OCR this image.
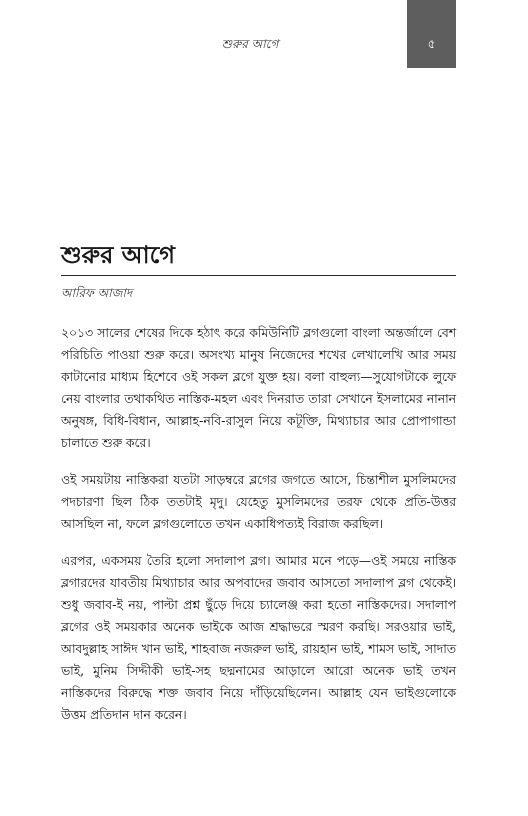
শুরুর আগে	৫
শুরুর আগে
আরিফ আজাদ

২০১৩ সালের শেষের দিকে হঠাৎ করে কমিউনিটি ব্লগগুলো বাংলা অন্তর্জালে বেশ পরিচিতি পাওয়া শুরু করে। অসংখ্য মানুষ নিজেদের শখের লেখালেখি আর সময় কাটানোর মাধ্যম হিশেবে ওই সকল ব্লগে যুক্ত হয়। বলা বাহুল্য—সুযোগটাকে লুফে নেয় বাংলার তথাকথিত নাস্তিক-মহল এবং দিনরাত তারা সেখানে ইসলামের নানান অনুষঙ্গ, বিধি-বিধান, আল্লাহ-নবি-রাসুল নিয়ে কটূক্তি, মিথ্যাচার আর প্রোপাগান্ডা চালাতে শুরু করে।

ওই সময়টায় নাস্তিকরা যতটা সাড়ম্বরে ব্লগের জগতে আসে, চিন্তাশীল মুসলিমদের পদচারণা ছিল ঠিক ততটাই মৃদু। যেহেতু মুসলিমদের তরফ থেকে প্রতি-উত্তর আসছিল না, ফলে ব্লগগুলোতে তখন একাধিপত্যই বিরাজ করছিল।

এরপর, একসময় তৈরি হলো সদালাপ ব্লগ। আমার মনে পড়ে—ওই সময়ে নাস্তিক ব্লগারদের যাবতীয় মিথ্যাচার আর অপবাদের জবাব আসতো সদালাপ ব্লগ থেকেই। শুধু জবাব-ই নয়, পাল্টা প্রশ্ন ছুঁড়ে দিয়ে চ্যালেঞ্জ করা হতো নাস্তিকদের। সদালাপ ব্লগের ওই সময়কার অনেক ভাইকে আজ শ্রদ্ধাভরে স্মরণ করছি। সরওয়ার ভাই, আবদুল্লাহ সাঈদ খান ভাই, শাহবাজ নজরুল ভাই, রায়হান ভাই, শামস ভাই, সাদাত ভাই, মুনিম সিদ্দীকী ভাই-সহ ছদ্মনামের আড়ালে আরো অনেক ভাই তখন নাস্তিকদের বিরুদ্ধে শক্ত জবাব নিয়ে দাঁড়িয়েছিলেন। আল্লাহ যেন ভাইগুলোকে উত্তম প্রতিদান দান করেন।
